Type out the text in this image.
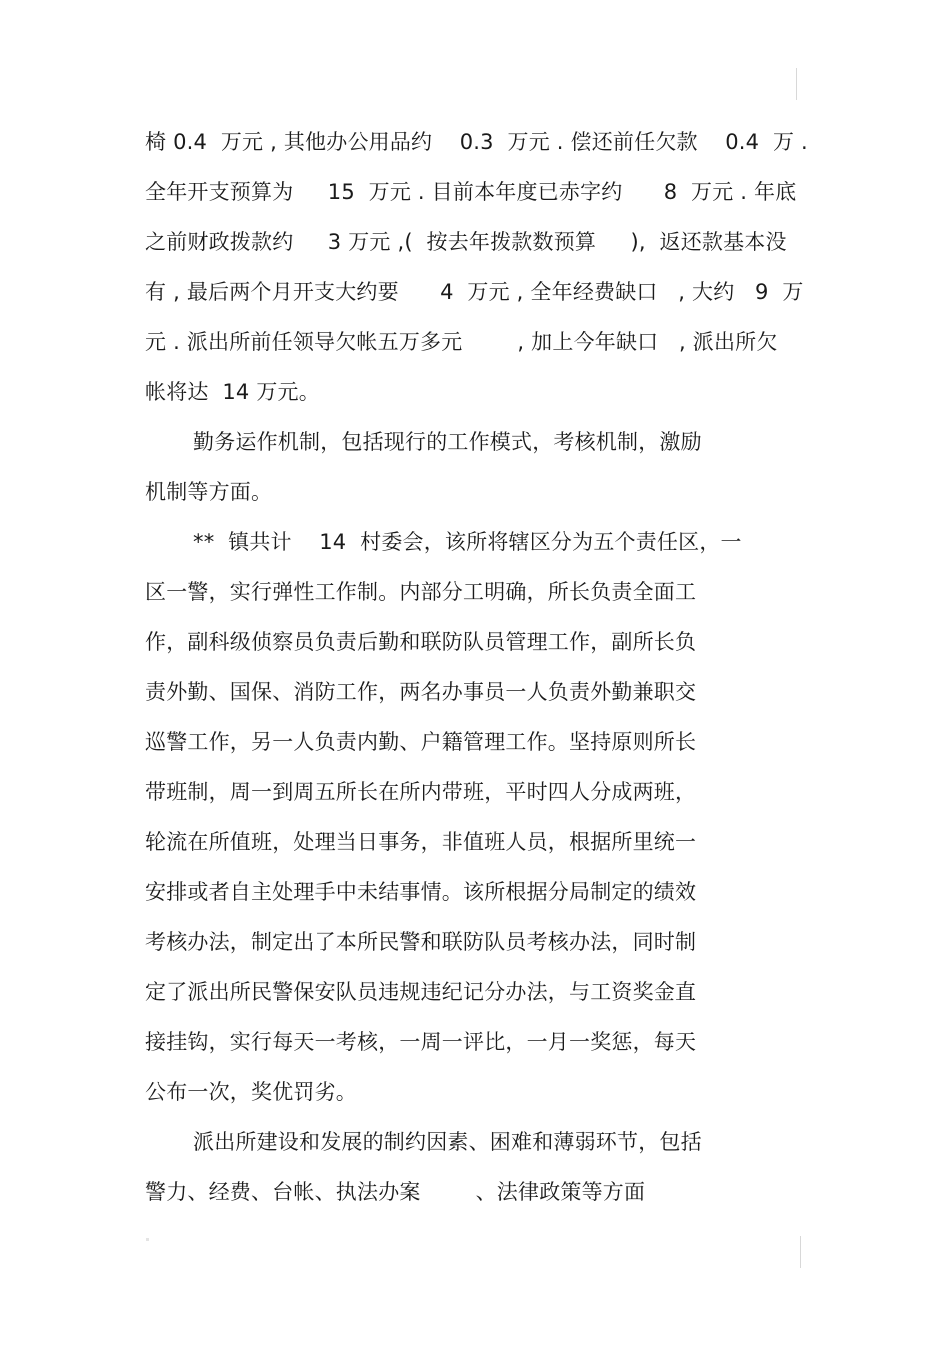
椅 0.4  万元 , 其他办公用品约    0.3  万元 . 偿还前任欠款    0.4  万 .
全年开支预算为     15  万元 . 目前本年度已赤字约      8  万元 . 年底
之前财政拨款约     3 万元 ,(  按去年拨款数预算     ),  返还款基本没
有 , 最后两个月开支大约要      4  万元 , 全年经费缺口   , 大约   9  万
元 . 派出所前任领导欠帐五万多元        , 加上今年缺口   , 派出所欠
帐将达  14 万元。
勤务运作机制，包括现行的工作模式，考核机制，激励
机制等方面。
**  镇共计    14  村委会，该所将辖区分为五个责任区，一
区一警，实行弹性工作制。内部分工明确，所长负责全面工
作，副科级侦察员负责后勤和联防队员管理工作，副所长负
责外勤、国保、消防工作，两名办事员一人负责外勤兼职交
巡警工作，另一人负责内勤、户籍管理工作。坚持原则所长
带班制，周一到周五所长在所内带班，平时四人分成两班，
轮流在所值班，处理当日事务，非值班人员，根据所里统一
安排或者自主处理手中未结事情。该所根据分局制定的绩效
考核办法，制定出了本所民警和联防队员考核办法，同时制
定了派出所民警保安队员违规违纪记分办法，与工资奖金直
接挂钩，实行每天一考核，一周一评比，一月一奖惩，每天
公布一次，奖优罚劣。
派出所建设和发展的制约因素、困难和薄弱环节，包括
警力、经费、台帐、执法办案        、法律政策等方面
